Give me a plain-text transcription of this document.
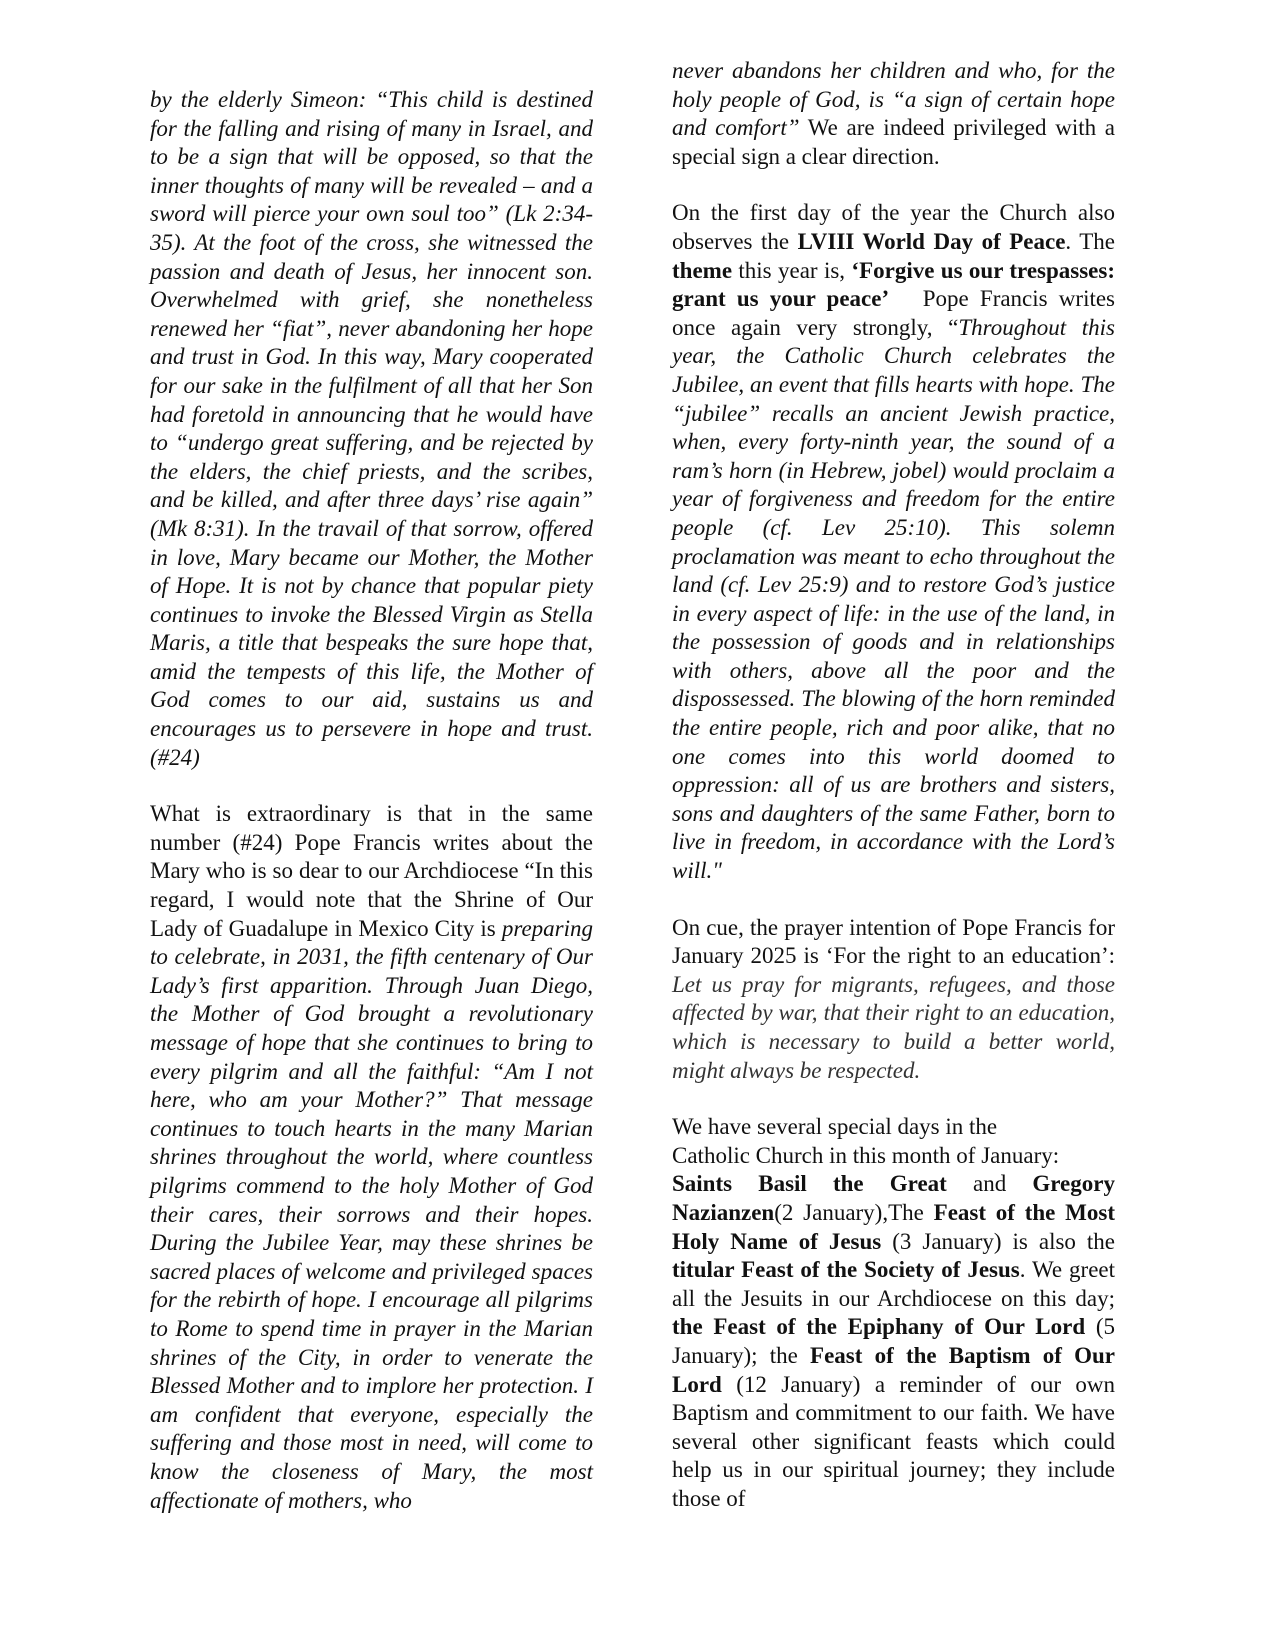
by the elderly Simeon: “This child is destined for the falling and rising of many in Israel, and to be a sign that will be opposed, so that the inner thoughts of many will be revealed – and a sword will pierce your own soul too” (Lk 2:34-35). At the foot of the cross, she witnessed the passion and death of Jesus, her innocent son. Overwhelmed with grief, she nonetheless renewed her “fiat”, never abandoning her hope and trust in God. In this way, Mary cooperated for our sake in the fulfilment of all that her Son had foretold in announcing that he would have to “undergo great suffering, and be rejected by the elders, the chief priests, and the scribes, and be killed, and after three days’ rise again” (Mk 8:31). In the travail of that sorrow, offered in love, Mary became our Mother, the Mother of Hope. It is not by chance that popular piety continues to invoke the Blessed Virgin as Stella Maris, a title that bespeaks the sure hope that, amid the tempests of this life, the Mother of God comes to our aid, sustains us and encourages us to persevere in hope and trust. (#24)

What is extraordinary is that in the same number (#24) Pope Francis writes about the Mary who is so dear to our Archdiocese “In this regard, I would note that the Shrine of Our Lady of Guadalupe in Mexico City is preparing to celebrate, in 2031, the fifth centenary of Our Lady’s first apparition. Through Juan Diego, the Mother of God brought a revolutionary message of hope that she continues to bring to every pilgrim and all the faithful: “Am I not here, who am your Mother?” That message continues to touch hearts in the many Marian shrines throughout the world, where countless pilgrims commend to the holy Mother of God their cares, their sorrows and their hopes. During the Jubilee Year, may these shrines be sacred places of welcome and privileged spaces for the rebirth of hope. I encourage all pilgrims to Rome to spend time in prayer in the Marian shrines of the City, in order to venerate the Blessed Mother and to implore her protection. I am confident that everyone, especially the suffering and those most in need, will come to know the closeness of Mary, the most affectionate of mothers, who

never abandons her children and who, for the holy people of God, is “a sign of certain hope and comfort” We are indeed privileged with a special sign a clear direction.

On the first day of the year the Church also observes the LVIII World Day of Peace. The theme this year is, ‘Forgive us our trespasses: grant us your peace’   Pope Francis writes once again very strongly, “Throughout this year, the Catholic Church celebrates the Jubilee, an event that fills hearts with hope. The “jubilee” recalls an ancient Jewish practice, when, every forty-ninth year, the sound of a ram’s horn (in Hebrew, jobel) would proclaim a year of forgiveness and freedom for the entire people (cf. Lev 25:10). This solemn proclamation was meant to echo throughout the land (cf. Lev 25:9) and to restore God’s justice in every aspect of life: in the use of the land, in the possession of goods and in relationships with others, above all the poor and the dispossessed. The blowing of the horn reminded the entire people, rich and poor alike, that no one comes into this world doomed to oppression: all of us are brothers and sisters, sons and daughters of the same Father, born to live in freedom, in accordance with the Lord’s will."

On cue, the prayer intention of Pope Francis for January 2025 is ‘For the right to an education’: Let us pray for migrants, refugees, and those affected by war, that their right to an education, which is necessary to build a better world, might always be respected.

We have several special days in the
Catholic Church in this month of January:

Saints Basil the Great and Gregory Nazianzen(2 January),The Feast of the Most Holy Name of Jesus (3 January) is also the titular Feast of the Society of Jesus. We greet all the Jesuits in our Archdiocese on this day; the Feast of the Epiphany of Our Lord (5 January); the Feast of the Baptism of Our Lord (12 January) a reminder of our own Baptism and commitment to our faith. We have several other significant feasts which could help us in our spiritual journey; they include those of
